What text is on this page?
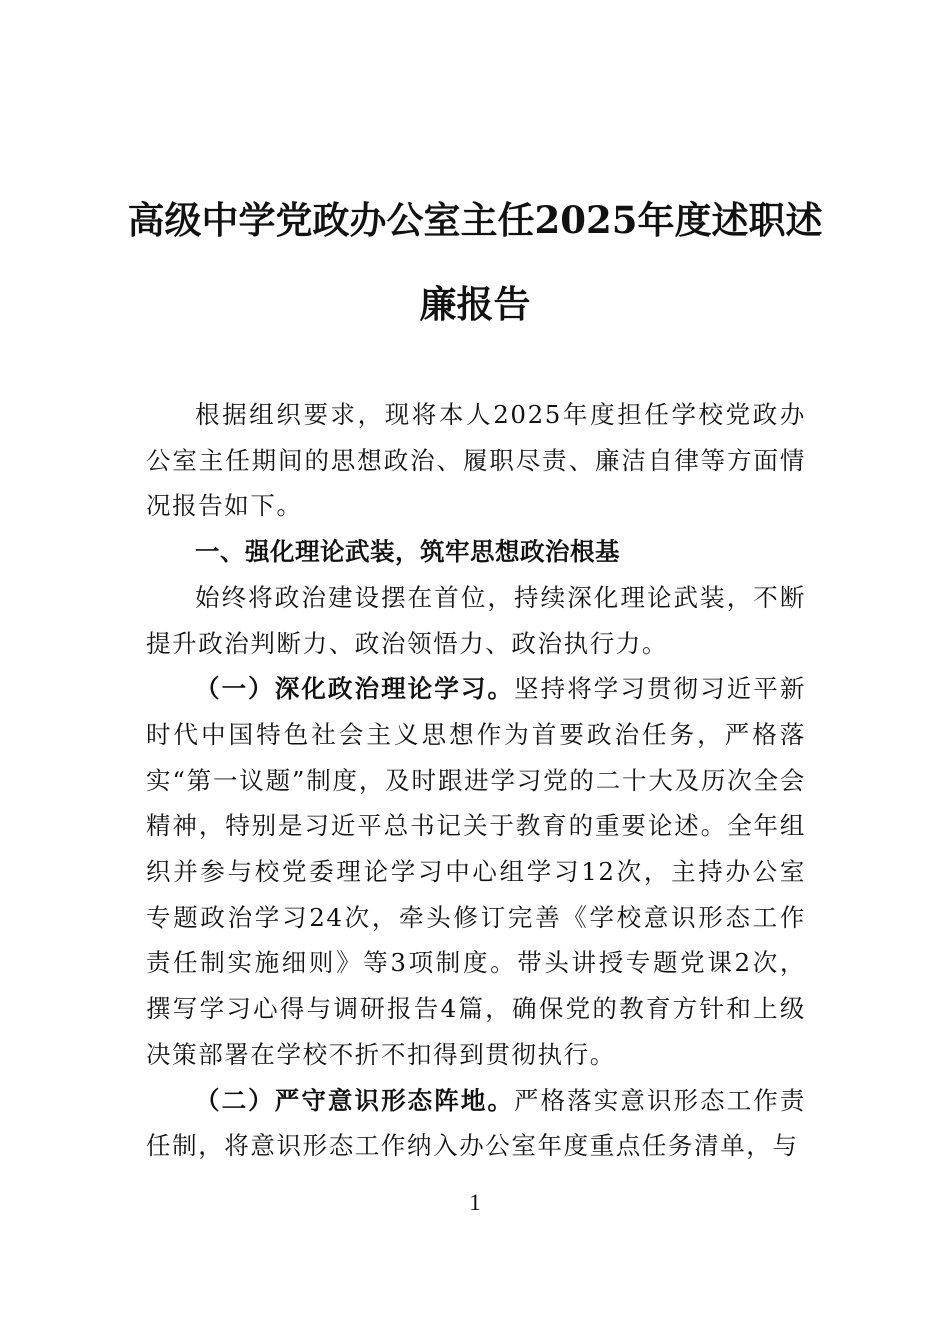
高级中学党政办公室主任2025年度述职述廉报告

根据组织要求，现将本人2025年度担任学校党政办公室主任期间的思想政治、履职尽责、廉洁自律等方面情况报告如下。

一、强化理论武装，筑牢思想政治根基

始终将政治建设摆在首位，持续深化理论武装，不断提升政治判断力、政治领悟力、政治执行力。

（一）深化政治理论学习。坚持将学习贯彻习近平新时代中国特色社会主义思想作为首要政治任务，严格落实“第一议题”制度，及时跟进学习党的二十大及历次全会精神，特别是习近平总书记关于教育的重要论述。全年组织并参与校党委理论学习中心组学习12次，主持办公室专题政治学习24次，牵头修订完善《学校意识形态工作责任制实施细则》等3项制度。带头讲授专题党课2次，撰写学习心得与调研报告4篇，确保党的教育方针和上级决策部署在学校不折不扣得到贯彻执行。

（二）严守意识形态阵地。严格落实意识形态工作责任制，将意识形态工作纳入办公室年度重点任务清单，与

1
